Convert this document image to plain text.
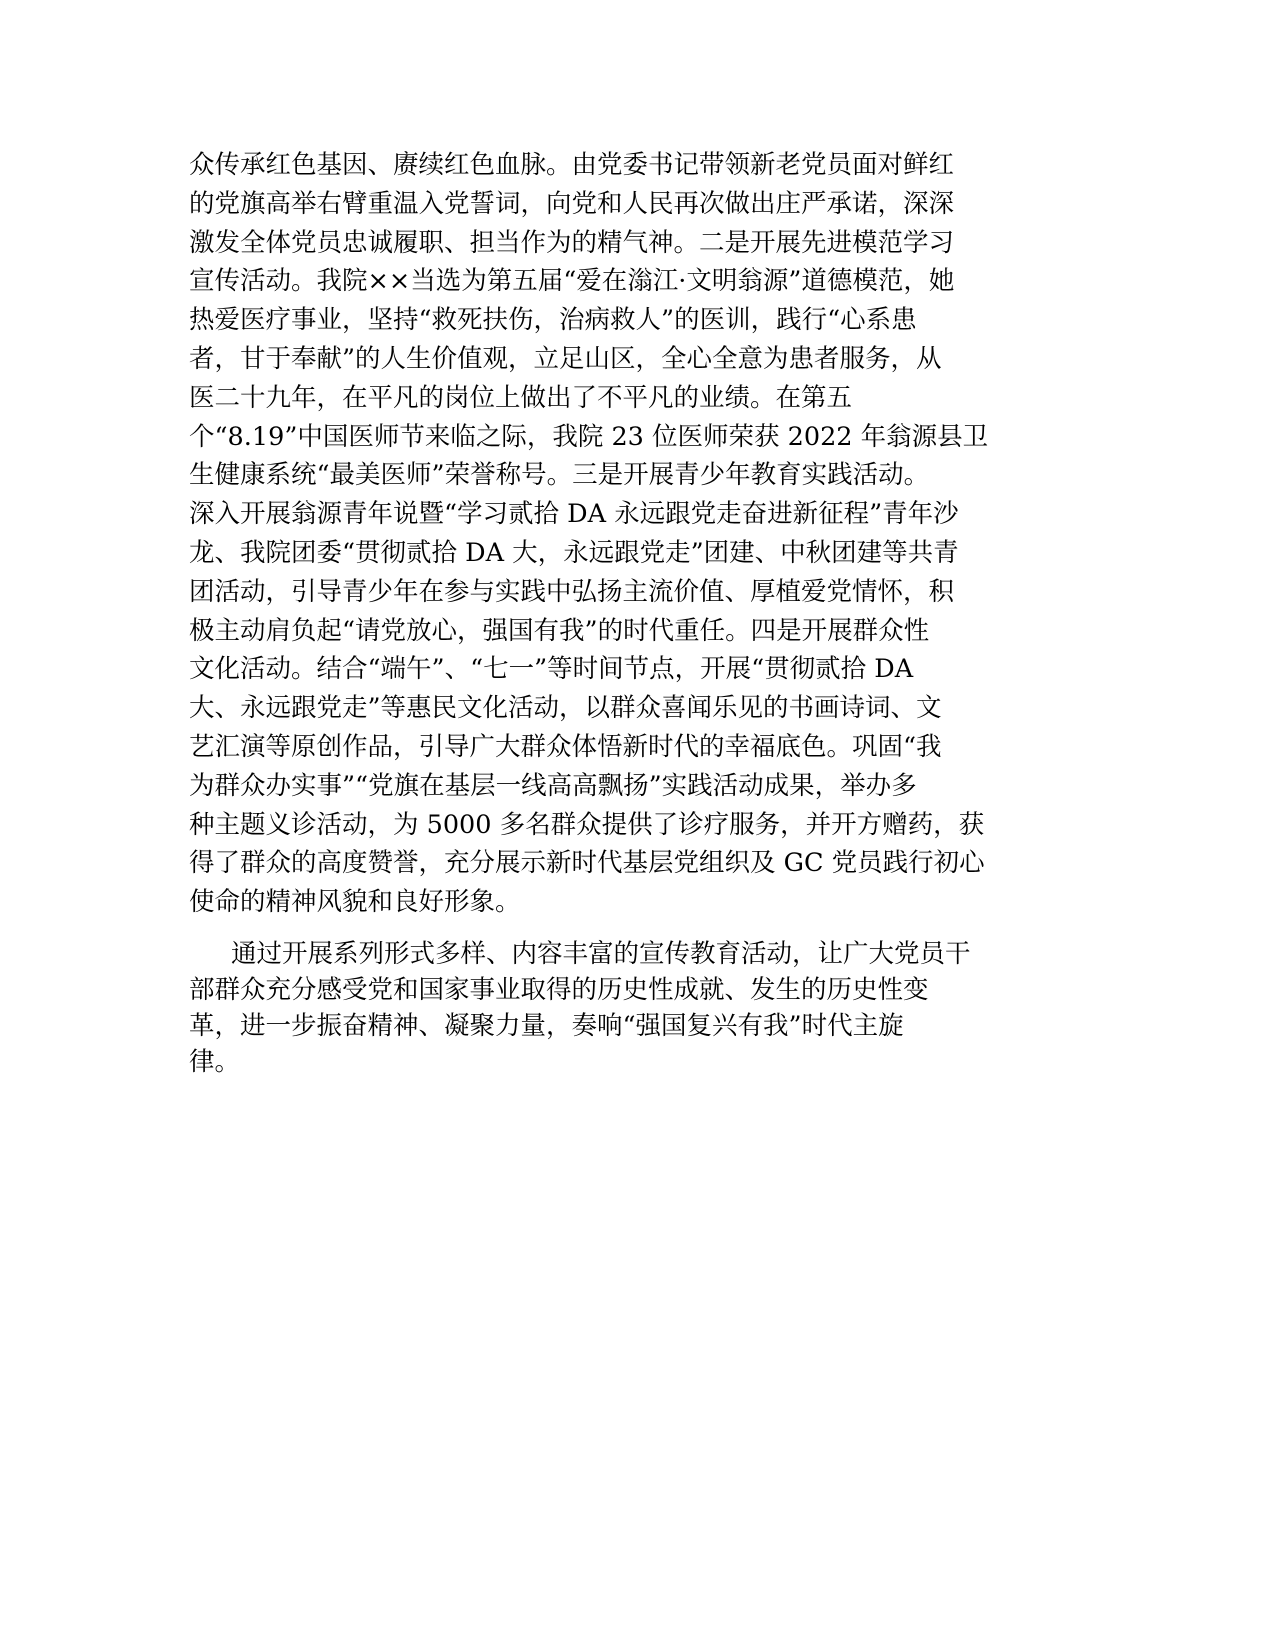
众传承红色基因、赓续红色血脉。由党委书记带领新老党员面对鲜红
的党旗高举右臂重温入党誓词，向党和人民再次做出庄严承诺，深深
激发全体党员忠诚履职、担当作为的精气神。二是开展先进模范学习
宣传活动。我院××当选为第五届“爱在滃江·文明翁源”道德模范，她
热爱医疗事业，坚持“救死扶伤，治病救人”的医训，践行“心系患
者，甘于奉献”的人生价值观，立足山区，全心全意为患者服务，从
医二十九年，在平凡的岗位上做出了不平凡的业绩。在第五
个“8.19”中国医师节来临之际，我院 23 位医师荣获 2022 年翁源县卫
生健康系统“最美医师”荣誉称号。三是开展青少年教育实践活动。
深入开展翁源青年说暨“学习贰拾 DA 永远跟党走奋进新征程”青年沙
龙、我院团委“贯彻贰拾 DA 大，永远跟党走”团建、中秋团建等共青
团活动，引导青少年在参与实践中弘扬主流价值、厚植爱党情怀，积
极主动肩负起“请党放心，强国有我”的时代重任。四是开展群众性
文化活动。结合“端午”、“七一”等时间节点，开展“贯彻贰拾 DA
大、永远跟党走”等惠民文化活动，以群众喜闻乐见的书画诗词、文
艺汇演等原创作品，引导广大群众体悟新时代的幸福底色。巩固“我
为群众办实事”“党旗在基层一线高高飘扬”实践活动成果，举办多
种主题义诊活动，为 5000 多名群众提供了诊疗服务，并开方赠药，获
得了群众的高度赞誉，充分展示新时代基层党组织及 GC 党员践行初心
使命的精神风貌和良好形象。
通过开展系列形式多样、内容丰富的宣传教育活动，让广大党员干
部群众充分感受党和国家事业取得的历史性成就、发生的历史性变
革，进一步振奋精神、凝聚力量，奏响“强国复兴有我”时代主旋
律。
